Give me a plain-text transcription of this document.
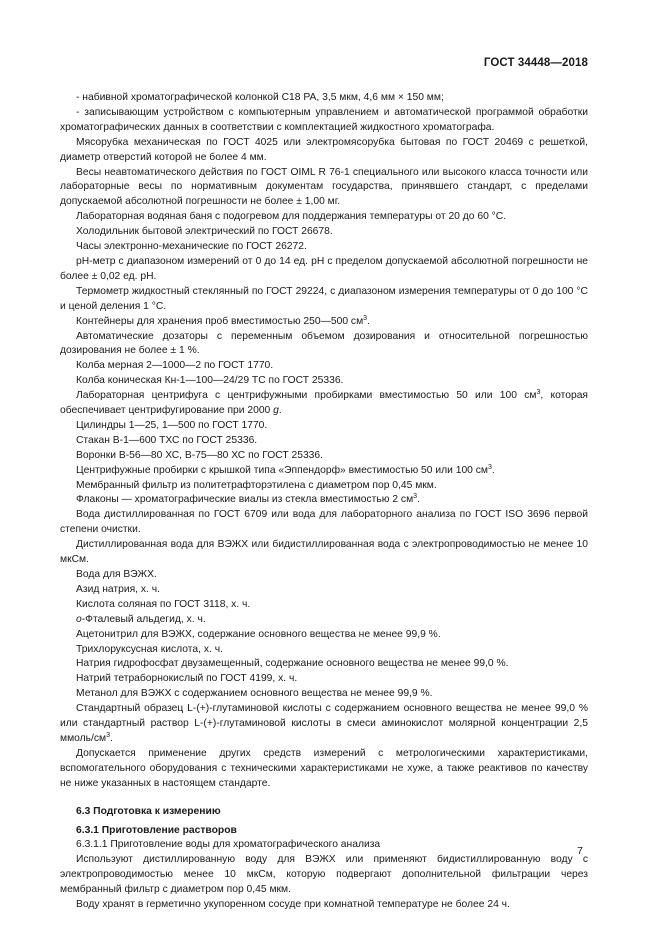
ГОСТ 34448—2018

- набивной хроматографической колонкой С18 РА, 3,5 мкм, 4,6 мм × 150 мм;

- записывающим устройством с компьютерным управлением и автоматической программой обработки хроматографических данных в соответствии с комплектацией жидкостного хроматографа.

Мясорубка механическая по ГОСТ 4025 или электромясорубка бытовая по ГОСТ 20469 с решеткой, диаметр отверстий которой не более 4 мм.

Весы неавтоматического действия по ГОСТ OIML R 76-1 специального или высокого класса точности или лабораторные весы по нормативным документам государства, принявшего стандарт, с пределами допускаемой абсолютной погрешности не более ± 1,00 мг.

Лабораторная водяная баня с подогревом для поддержания температуры от 20 до 60 °С.

Холодильник бытовой электрический по ГОСТ 26678.

Часы электронно-механические по ГОСТ 26272.

pH-метр с диапазоном измерений от 0 до 14 ед. pH с пределом допускаемой абсолютной погрешности не более ± 0,02 ед. pH.

Термометр жидкостный стеклянный по ГОСТ 29224, с диапазоном измерения температуры от 0 до 100 °С и ценой деления 1 °С.

Контейнеры для хранения проб вместимостью 250—500 $см^3$.

Автоматические дозаторы с переменным объемом дозирования и относительной погрешностью дозирования не более ± 1 %.

Колба мерная 2—1000—2 по ГОСТ 1770.

Колба коническая Кн-1—100—24/29 ТС по ГОСТ 25336.

Лабораторная центрифуга с центрифужными пробирками вместимостью 50 или 100 $см^3$, которая обеспечивает центрифугирование при 2000 g.

Цилиндры 1—25, 1—500 по ГОСТ 1770.

Стакан В-1—600 ТХС по ГОСТ 25336.

Воронки В-56—80 ХС, В-75—80 ХС по ГОСТ 25336.

Центрифужные пробирки с крышкой типа «Эппендорф» вместимостью 50 или 100 $см^3$.

Мембранный фильтр из политетрафторэтилена с диаметром пор 0,45 мкм.

Флаконы — хроматографические виалы из стекла вместимостью 2 $см^3$.

Вода дистиллированная по ГОСТ 6709 или вода для лабораторного анализа по ГОСТ ISO 3696 первой степени очистки.

Дистиллированная вода для ВЭЖХ или бидистиллированная вода с электропроводимостью не менее 10 мкСм.

Вода для ВЭЖХ.

Азид натрия, х. ч.

Кислота соляная по ГОСТ 3118, х. ч.

о-Фталевый альдегид, х. ч.

Ацетонитрил для ВЭЖХ, содержание основного вещества не менее 99,9 %.

Трихлоруксусная кислота, х. ч.

Натрия гидрофосфат двузамещенный, содержание основного вещества не менее 99,0 %.

Натрий тетраборнокислый по ГОСТ 4199, х. ч.

Метанол для ВЭЖХ с содержанием основного вещества не менее 99,9 %.

Стандартный образец L-(+)-глутаминовой кислоты с содержанием основного вещества не менее 99,0 % или стандартный раствор L-(+)-глутаминовой кислоты в смеси аминокислот молярной концентрации 2,5 ммоль/$см^3$.

Допускается применение других средств измерений с метрологическими характеристиками, вспомогательного оборудования с техническими характеристиками не хуже, а также реактивов по качеству не ниже указанных в настоящем стандарте.

6.3 Подготовка к измерению

6.3.1 Приготовление растворов

6.3.1.1 Приготовление воды для хроматографического анализа

Используют дистиллированную воду для ВЭЖХ или применяют бидистиллированную воду с электропроводимостью менее 10 мкСм, которую подвергают дополнительной фильтрации через мембранный фильтр с диаметром пор 0,45 мкм.

Воду хранят в герметично укупоренном сосуде при комнатной температуре не более 24 ч.

7
